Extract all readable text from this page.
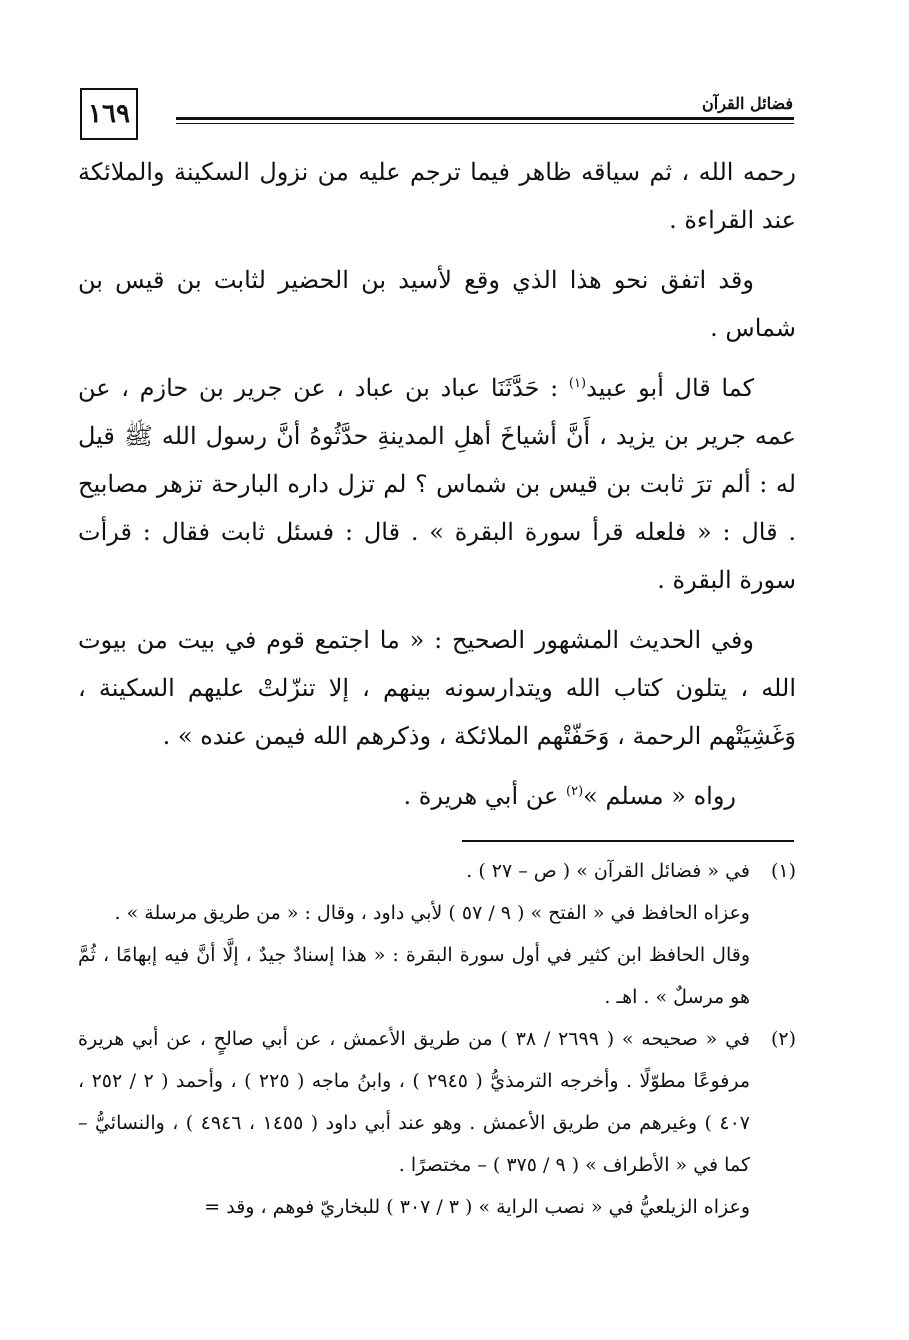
١٦٩	فضائل القرآن

رحمه الله ، ثم سياقه ظاهر فيما ترجم عليه من نزول السكينة والملائكة عند القراءة .

وقد اتفق نحو هذا الذي وقع لأسيد بن الحضير لثابت بن قيس بن شماس .

كما قال أبو عبيد$^{(١)}$ : حَدَّثَنَا عباد بن عباد ، عن جرير بن حازم ، عن عمه جرير بن يزيد ، أَنَّ أشياخَ أهلِ المدينةِ حدَّثُوهُ أنَّ رسول الله ﷺ قيل له : ألم ترَ ثابت بن قيس بن شماس ؟ لم تزل داره البارحة تزهر مصابيح . قال : « فلعله قرأ سورة البقرة » . قال : فسئل ثابت فقال : قرأت سورة البقرة .

وفي الحديث المشهور الصحيح : « ما اجتمع قوم في بيت من بيوت الله ، يتلون كتاب الله ويتدارسونه بينهم ، إلا تنزّلتْ عليهم السكينة ، وَغَشِيَتْهم الرحمة ، وَحَفّتْهم الملائكة ، وذكرهم الله فيمن عنده » .

رواه « مسلم »$^{(٢)}$ عن أبي هريرة .

(١)
في « فضائل القرآن » ( ص – ٢٧ ) .
وعزاه الحافظ في « الفتح » ( ٩ / ٥٧ ) لأبي داود ، وقال : « من طريق مرسلة » .
وقال الحافظ ابن كثير في أول سورة البقرة : « هذا إسنادٌ جيدٌ ، إلَّا أنَّ فيه إبهامًا ، ثُمَّ هو مرسلٌ » . اهـ .
(٢)
في « صحيحه » ( ٢٦٩٩ / ٣٨ ) من طريق الأعمش ، عن أبي صالحٍ ، عن أبي هريرة مرفوعًا مطوّلًا . وأخرجه الترمذيُّ ( ٢٩٤٥ ) ، وابنُ ماجه ( ٢٢٥ ) ، وأحمد ( ٢ / ٢٥٢ ، ٤٠٧ ) وغيرهم من طريق الأعمش . وهو عند أبي داود ( ١٤٥٥ ، ٤٩٤٦ ) ، والنسائيُّ – كما في « الأطراف » ( ٩ / ٣٧٥ ) – مختصرًا .
وعزاه الزيلعيُّ في « نصب الراية » ( ٣ / ٣٠٧ ) للبخاريّ فوهم ، وقد =
